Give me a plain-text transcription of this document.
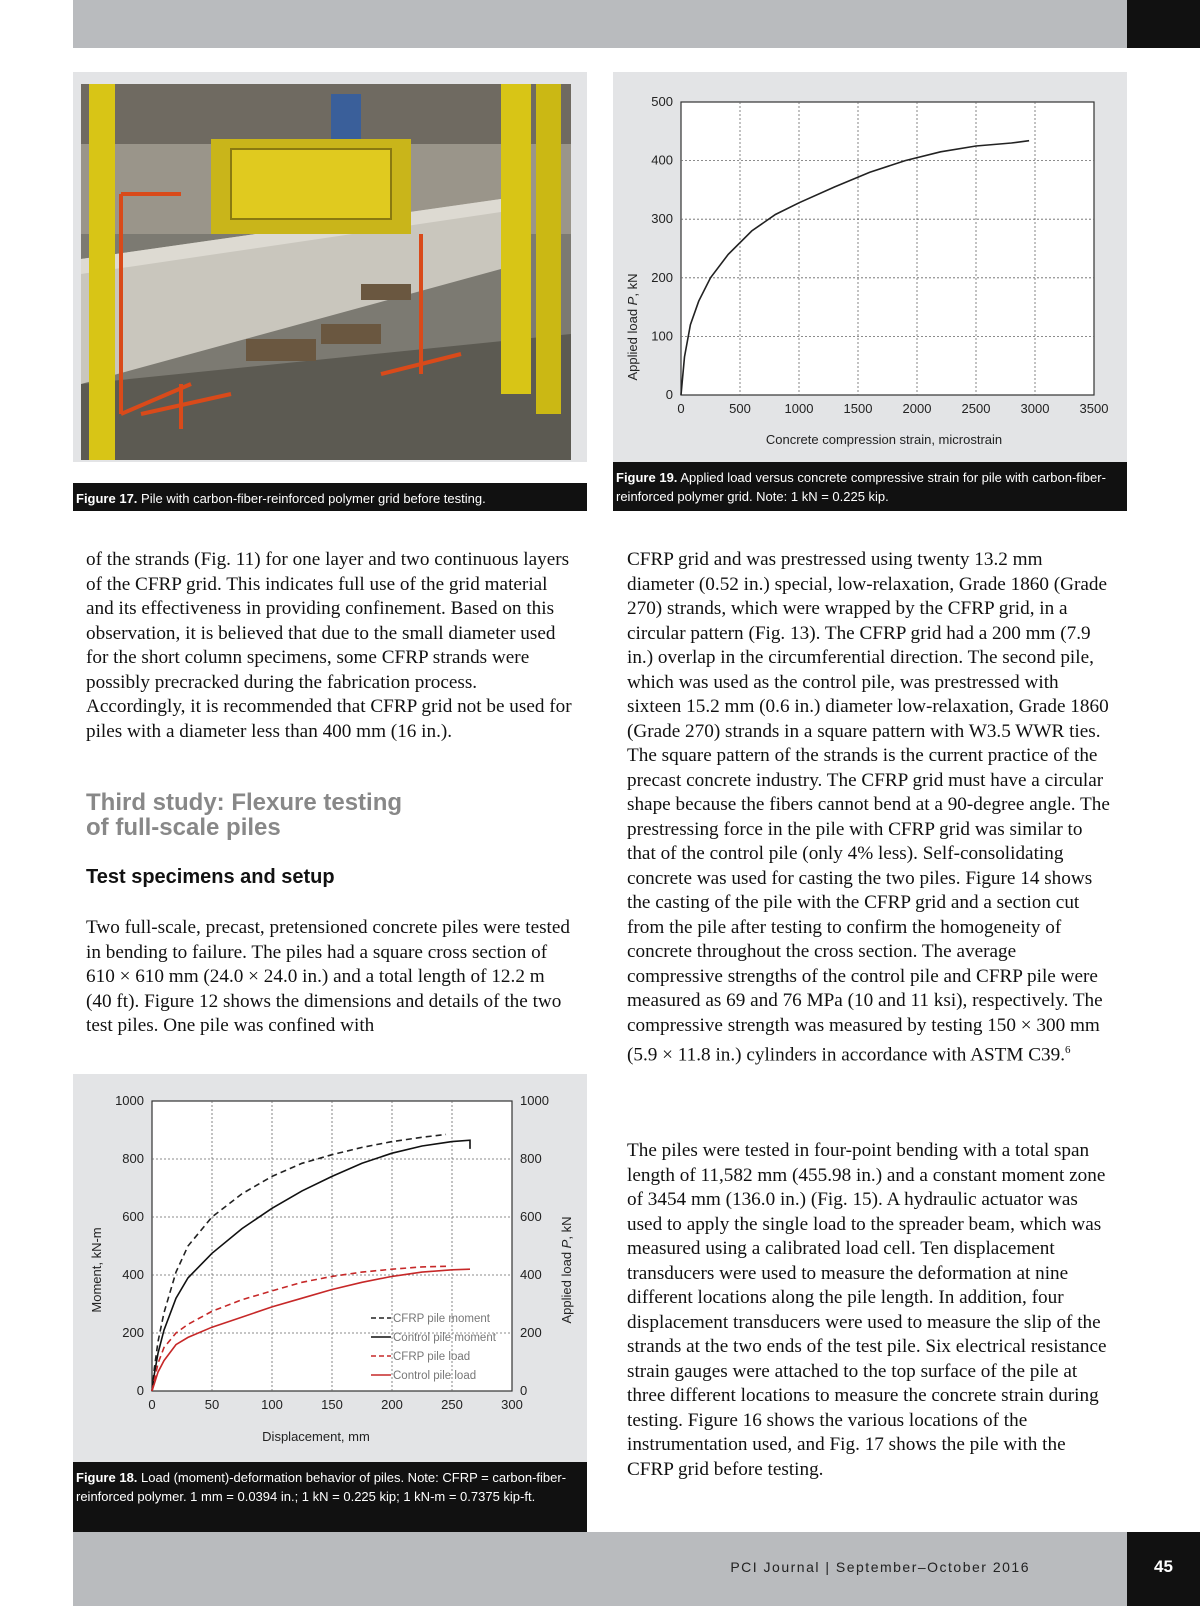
PCI Journal | September–October 2016	45
Figure 17. Pile with carbon-fiber-reinforced polymer grid before testing.
Applied load P, kN
Concrete compression strain, microstrain
0	500	1000 1500 2000 2500 3000 3500
0
100
200
300
400
500
Figure 19. Applied load versus concrete compressive strain for pile with carbon-fiber-reinforced polymer grid. Note: 1 kN = 0.225 kip.
Moment, kN-m	Applied load P, kN
Displacement, mm
0	50	100	150	200	250	300
0	0
200	200
400	400
600	600
800	800
1000	1000
CFRP pile moment
Control pile moment
CFRP pile load
Control pile load
Figure 18. Load (moment)-deformation behavior of piles. Note: CFRP = carbon-fiber-reinforced polymer. 1 mm = 0.0394 in.; 1 kN = 0.225 kip; 1 kN-m = 0.7375 kip-ft.

of the strands (Fig. 11) for one layer and two continuous layers of the CFRP grid. This indicates full use of the grid material and its effectiveness in providing confinement. Based on this observation, it is believed that due to the small diameter used for the short column specimens, some CFRP strands were possibly precracked during the fabrication process. Accordingly, it is recommended that CFRP grid not be used for piles with a diameter less than 400 mm (16 in.).

Third study: Flexure testing
of full-scale piles
Test specimens and setup

Two full-scale, precast, pretensioned concrete piles were tested in bending to failure. The piles had a square cross section of 610 × 610 mm (24.0 × 24.0 in.) and a total length of 12.2 m (40 ft). Figure 12 shows the dimensions and details of the two test piles. One pile was confined with

CFRP grid and was prestressed using twenty 13.2 mm diameter (0.52 in.) special, low-relaxation, Grade 1860 (Grade 270) strands, which were wrapped by the CFRP grid, in a circular pattern (Fig. 13). The CFRP grid had a 200 mm (7.9 in.) overlap in the circumferential direction. The second pile, which was used as the control pile, was prestressed with sixteen 15.2 mm (0.6 in.) diameter low-relaxation, Grade 1860 (Grade 270) strands in a square pattern with W3.5 WWR ties. The square pattern of the strands is the current practice of the precast concrete industry. The CFRP grid must have a circular shape because the fibers cannot bend at a 90-degree angle. The prestressing force in the pile with CFRP grid was similar to that of the control pile (only 4% less). Self-consolidating concrete was used for casting the two piles. Figure 14 shows the casting of the pile with the CFRP grid and a section cut from the pile after testing to confirm the homogeneity of concrete throughout the cross section. The average compressive strengths of the control pile and CFRP pile were measured as 69 and 76 MPa (10 and 11 ksi), respectively. The compressive strength was measured by testing 150 × 300 mm (5.9 × 11.8 in.) cylinders in accordance with ASTM C39.$^6$

The piles were tested in four-point bending with a total span length of 11,582 mm (455.98 in.) and a constant moment zone of 3454 mm (136.0 in.) (Fig. 15). A hydraulic actuator was used to apply the single load to the spreader beam, which was measured using a calibrated load cell. Ten displacement transducers were used to measure the deformation at nine different locations along the pile length. In addition, four displacement transducers were used to measure the slip of the strands at the two ends of the test pile. Six electrical resistance strain gauges were attached to the top surface of the pile at three different locations to measure the concrete strain during testing. Figure 16 shows the various locations of the instrumentation used, and Fig. 17 shows the pile with the CFRP grid before testing.
